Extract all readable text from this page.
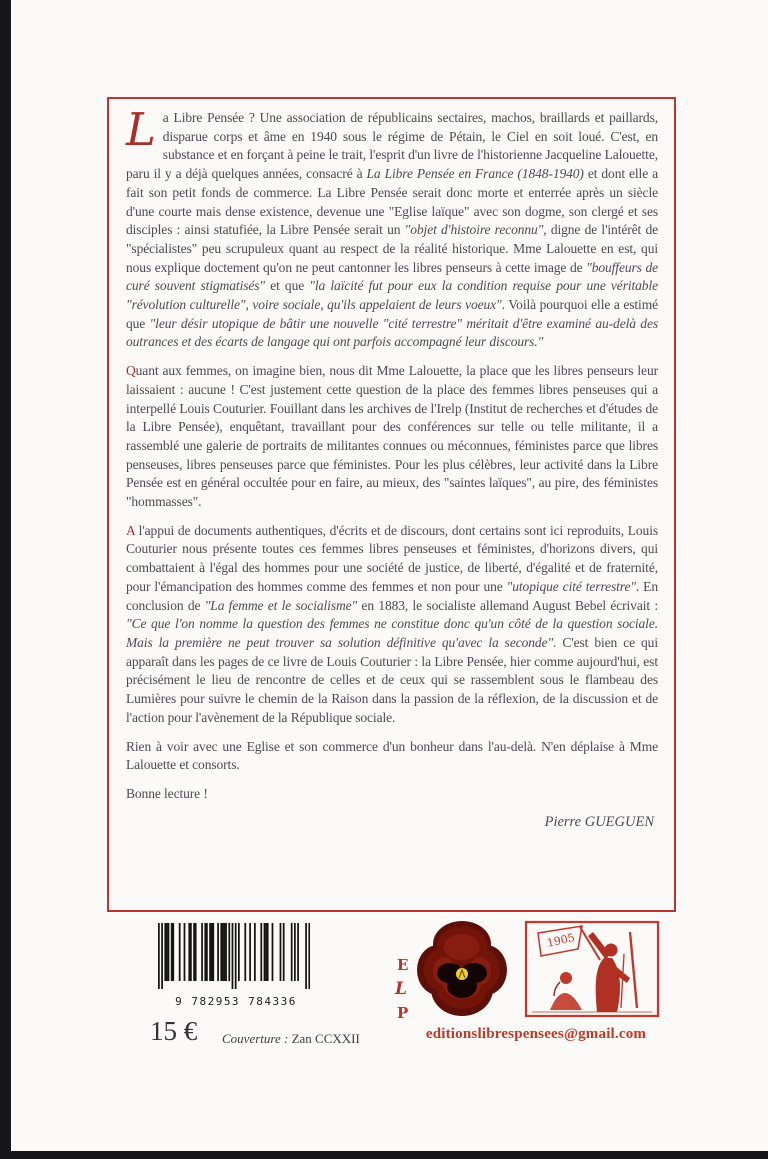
La Libre Pensée ? Une association de républicains sectaires, machos, braillards et paillards, disparue corps et âme en 1940 sous le régime de Pétain, le Ciel en soit loué. C'est, en substance et en forçant à peine le trait, l'esprit d'un livre de l'historienne Jacqueline Lalouette, paru il y a déjà quelques années, consacré à La Libre Pensée en France (1848-1940) et dont elle a fait son petit fonds de commerce. La Libre Pensée serait donc morte et enterrée après un siècle d'une courte mais dense existence, devenue une "Eglise laïque" avec son dogme, son clergé et ses disciples : ainsi statufiée, la Libre Pensée serait un "objet d'histoire reconnu", digne de l'intérêt de "spécialistes" peu scrupuleux quant au respect de la réalité historique. Mme Lalouette en est, qui nous explique doctement qu'on ne peut cantonner les libres penseurs à cette image de "bouffeurs de curé souvent stigmatisés" et que "la laïcité fut pour eux la condition requise pour une véritable "révolution culturelle", voire sociale, qu'ils appelaient de leurs voeux". Voilà pourquoi elle a estimé que "leur désir utopique de bâtir une nouvelle "cité terrestre" méritait d'être examiné au-delà des outrances et des écarts de langage qui ont parfois accompagné leur discours."

Quant aux femmes, on imagine bien, nous dit Mme Lalouette, la place que les libres penseurs leur laissaient : aucune ! C'est justement cette question de la place des femmes libres penseuses qui a interpellé Louis Couturier. Fouillant dans les archives de l'Irelp (Institut de recherches et d'études de la Libre Pensée), enquêtant, travaillant pour des conférences sur telle ou telle militante, il a rassemblé une galerie de portraits de militantes connues ou méconnues, féministes parce que libres penseuses, libres penseuses parce que féministes. Pour les plus célèbres, leur activité dans la Libre Pensée est en général occultée pour en faire, au mieux, des "saintes laïques", au pire, des féministes "hommasses".

A l'appui de documents authentiques, d'écrits et de discours, dont certains sont ici reproduits, Louis Couturier nous présente toutes ces femmes libres penseuses et féministes, d'horizons divers, qui combattaient à l'égal des hommes pour une société de justice, de liberté, d'égalité et de fraternité, pour l'émancipation des hommes comme des femmes et non pour une "utopique cité terrestre". En conclusion de "La femme et le socialisme" en 1883, le socialiste allemand August Bebel écrivait : "Ce que l'on nomme la question des femmes ne constitue donc qu'un côté de la question sociale. Mais la première ne peut trouver sa solution définitive qu'avec la seconde". C'est bien ce qui apparaît dans les pages de ce livre de Louis Couturier : la Libre Pensée, hier comme aujourd'hui, est précisément le lieu de rencontre de celles et de ceux qui se rassemblent sous le flambeau des Lumières pour suivre le chemin de la Raison dans la passion de la réflexion, de la discussion et de l'action pour l'avènement de la République sociale.

Rien à voir avec une Eglise et son commerce d'un bonheur dans l'au-delà. N'en déplaise à Mme Lalouette et consorts.

Bonne lecture !

Pierre GUEGUEN
9 782953 784336
15 € Couverture : Zan CCXXII
E
L
P
1905
editionslibrespensees@gmail.com
